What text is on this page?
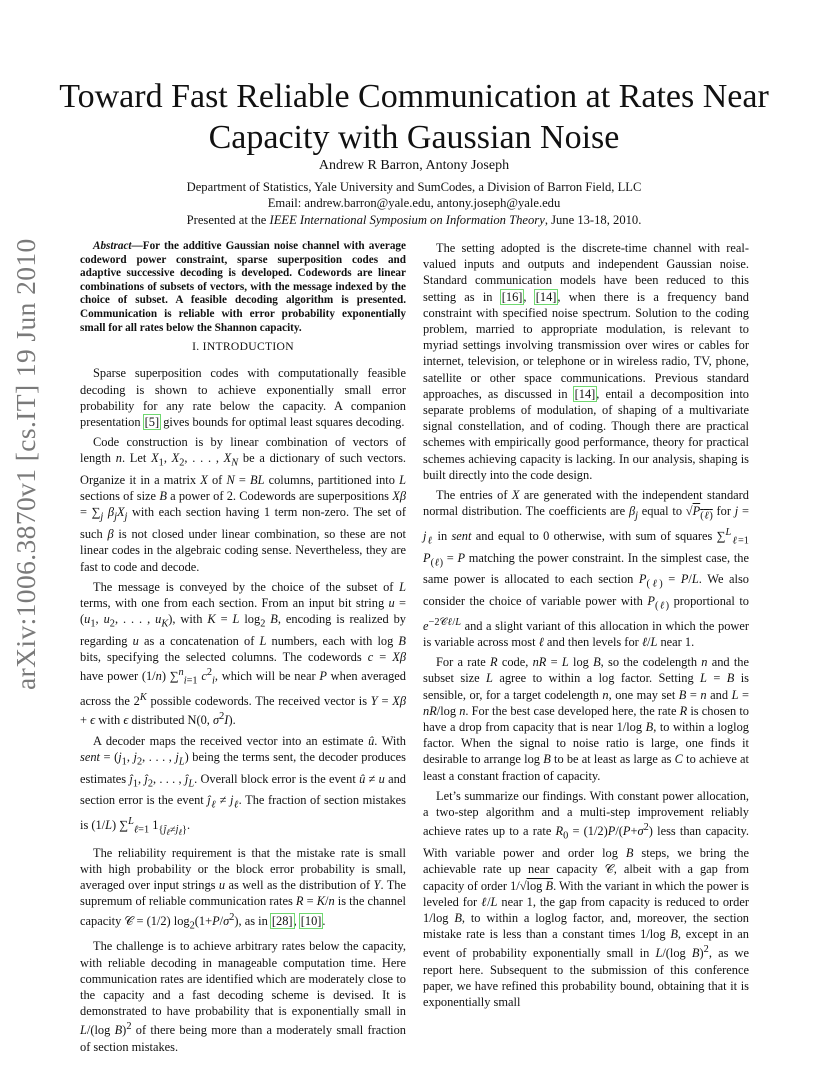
arXiv:1006.3870v1 [cs.IT] 19 Jun 2010
Toward Fast Reliable Communication at Rates Near
Capacity with Gaussian Noise
Andrew R Barron, Antony Joseph
Department of Statistics, Yale University and SumCodes, a Division of Barron Field, LLC
Email: andrew.barron@yale.edu, antony.joseph@yale.edu
Presented at the IEEE International Symposium on Information Theory, June 13-18, 2010.

Abstract—For the additive Gaussian noise channel with average codeword power constraint, sparse superposition codes and adaptive successive decoding is developed. Codewords are linear combinations of subsets of vectors, with the message indexed by the choice of subset. A feasible decoding algorithm is presented. Communication is reliable with error probability exponentially small for all rates below the Shannon capacity.

I. INTRODUCTION

Sparse superposition codes with computationally feasible decoding is shown to achieve exponentially small error probability for any rate below the capacity. A companion presentation [5] gives bounds for optimal least squares decoding.

Code construction is by linear combination of vectors of length n. Let $X_1$, $X_2$, . . . , $X_N$ be a dictionary of such vectors. Organize it in a matrix X of N = BL columns, partitioned into L sections of size B a power of 2. Codewords are superpositions $X\beta = \sum_j$ $\beta_jX_j$ with each section having 1 term non-zero. The set of such β is not closed under linear combination, so these are not linear codes in the algebraic coding sense. Nevertheless, they are fast to code and decode.

The message is conveyed by the choice of the subset of L terms, with one from each section. From an input bit string $u = (u_1$, $u_2$, . . . , $u_K$), with K = L $\log_2 B$, encoding is realized by regarding u as a concatenation of L numbers, each with log B bits, specifying the selected columns. The codewords c = Xβ have power (1/n) ∑$^n_{i=1}$ $c^2_i$, which will be near P when averaged across the $2^K$ possible codewords. The received vector is Y = Xβ + ϵ with ϵ distributed N(0, $\sigma^2I$).

A decoder maps the received vector into an estimate û. With sent = ($j_1$, $j_2$, . . . , $j_L$) being the terms sent, the decoder produces estimates $ĵ_1$, $ĵ_2$, . . . , $ĵ_L$. Overall block error is the event û ≠ u and section error is the event $ĵ_\ell \ne j_\ell$. The fraction of section mistakes is (1/L) ∑$^L_{\ell=1}$ $1_{\{ĵ_\ell\ne j_\ell\}}$.

The reliability requirement is that the mistake rate is small with high probability or the block error probability is small, averaged over input strings u as well as the distribution of Y. The supremum of reliable communication rates R = K/n is the channel capacity 𝒞 = (1/2) $\log_2(1+P/\sigma^2)$, as in [28], [10].

The challenge is to achieve arbitrary rates below the capacity, with reliable decoding in manageable computation time. Here communication rates are identified which are moderately close to the capacity and a fast decoding scheme is devised. It is demonstrated to have probability that is exponentially small in L/(log B)$^2$ of there being more than a moderately small fraction of section mistakes.

The setting adopted is the discrete-time channel with real-valued inputs and outputs and independent Gaussian noise. Standard communication models have been reduced to this setting as in [16], [14], when there is a frequency band constraint with specified noise spectrum. Solution to the coding problem, married to appropriate modulation, is relevant to myriad settings involving transmission over wires or cables for internet, television, or telephone or in wireless radio, TV, phone, satellite or other space communications. Previous standard approaches, as discussed in [14], entail a decomposition into separate problems of modulation, of shaping of a multivariate signal constellation, and of coding. Though there are practical schemes with empirically good performance, theory for practical schemes achieving capacity is lacking. In our analysis, shaping is built directly into the code design.

The entries of X are generated with the independent standard normal distribution. The coefficients are $\beta_j$ equal to $√P_{(\ell)}$ for $j = j_\ell$ in sent and equal to 0 otherwise, with sum of squares ∑$^L_{\ell=1}$ $P_{(\ell)} = P$ matching the power constraint. In the simplest case, the same power is allocated to each section $P_{(\ell)} = P/L$. We also consider the choice of variable power with $P_{(\ell)}$ proportional to $e^{-2𝒞\ell/L}$ and a slight variant of this allocation in which the power is variable across most ℓ and then levels for ℓ/L near 1.

For a rate R code, nR = L log B, so the codelength n and the subset size L agree to within a log factor. Setting L = B is sensible, or, for a target codelength n, one may set B = n and L = nR/log n. For the best case developed here, the rate R is chosen to have a drop from capacity that is near 1/log B, to within a loglog factor. When the signal to noise ratio is large, one finds it desirable to arrange log B to be at least as large as C to achieve at least a constant fraction of capacity.

Let’s summarize our findings. With constant power allocation, a two-step algorithm and a multi-step improvement reliably achieve rates up to a rate $R_0 = (1/2)P/(P+\sigma^2)$ less than capacity. With variable power and order log B steps, we bring the achievable rate up near capacity 𝒞, albeit with a gap from capacity of order 1/√log B. With the variant in which the power is leveled for ℓ/L near 1, the gap from capacity is reduced to order 1/log B, to within a loglog factor, and, moreover, the section mistake rate is less than a constant times 1/log B, except in an event of probability exponentially small in L/(log B)$^2$, as we report here. Subsequent to the submission of this conference paper, we have refined this probability bound, obtaining that it is exponentially small
